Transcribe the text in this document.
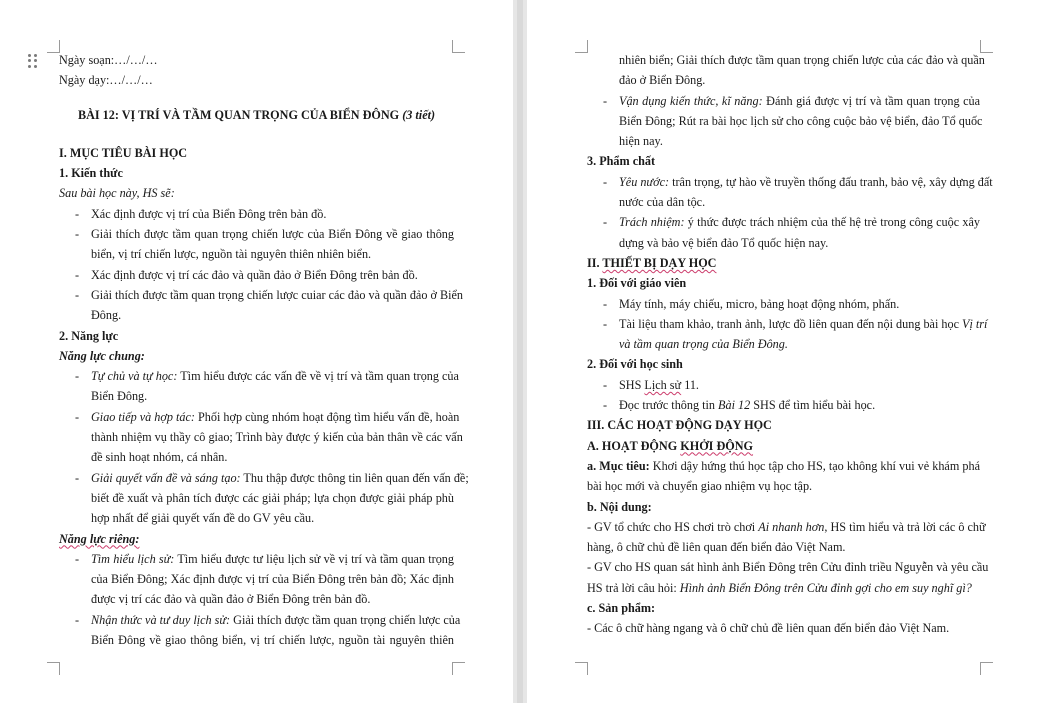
Ngày soạn:…/…/…
Ngày dạy:…/…/…
BÀI 12: VỊ TRÍ VÀ TẦM QUAN TRỌNG CỦA BIỂN ĐÔNG (3 tiết)
I. MỤC TIÊU BÀI HỌC
1. Kiến thức
Sau bài học này, HS sẽ:
- Xác định được vị trí của Biển Đông trên bản đồ.
- Giải thích được tầm quan trọng chiến lược của Biển Đông về giao thông
biển, vị trí chiến lược, nguồn tài nguyên thiên nhiên biển.
- Xác định được vị trí các đảo và quần đảo ở Biển Đông trên bản đồ.
- Giải thích được tầm quan trọng chiến lược cuiar các đảo và quần đảo ở Biển
Đông.
2. Năng lực
Năng lực chung:
- Tự chủ và tự học: Tìm hiểu được các vấn đề về vị trí và tầm quan trọng của
Biển Đông.
- Giao tiếp và hợp tác: Phối hợp cùng nhóm hoạt động tìm hiểu vấn đề, hoàn
thành nhiệm vụ thầy cô giao; Trình bày được ý kiến của bản thân về các vấn
đề sinh hoạt nhóm, cá nhân.
- Giải quyết vấn đề và sáng tạo: Thu thập được thông tin liên quan đến vấn đề;
biết đề xuất và phân tích được các giải pháp; lựa chọn được giải pháp phù
hợp nhất để giải quyết vấn đề do GV yêu cầu.
Năng lực riêng:
- Tìm hiểu lịch sử: Tìm hiểu được tư liệu lịch sử về vị trí và tầm quan trọng
của Biển Đông; Xác định được vị trí của Biển Đông trên bản đồ; Xác định
được vị trí các đảo và quần đảo ở Biển Đông trên bản đồ.
- Nhận thức và tư duy lịch sử: Giải thích được tầm quan trọng chiến lược của
Biển Đông về giao thông biển, vị trí chiến lược, nguồn tài nguyên thiên
nhiên biển; Giải thích được tầm quan trọng chiến lược của các đảo và quần
đảo ở Biển Đông.
- Vận dụng kiến thức, kĩ năng: Đánh giá được vị trí và tầm quan trọng của
Biển Đông; Rút ra bài học lịch sử cho công cuộc bảo vệ biển, đảo Tổ quốc
hiện nay.
3. Phẩm chất
- Yêu nước: trân trọng, tự hào về truyền thống đấu tranh, bảo vệ, xây dựng đất
nước của dân tộc.
- Trách nhiệm: ý thức được trách nhiệm của thế hệ trẻ trong công cuộc xây
dựng và bảo vệ biển đảo Tổ quốc hiện nay.
II. THIẾT BỊ DẠY HỌC
1. Đối với giáo viên
- Máy tính, máy chiếu, micro, bảng hoạt động nhóm, phấn.
- Tài liệu tham khảo, tranh ảnh, lược đồ liên quan đến nội dung bài học Vị trí
và tầm quan trọng của Biển Đông.
2. Đối với học sinh
- SHS Lịch sử 11.
- Đọc trước thông tin Bài 12 SHS để tìm hiểu bài học.
III. CÁC HOẠT ĐỘNG DẠY HỌC
A. HOẠT ĐỘNG KHỞI ĐỘNG
a. Mục tiêu: Khơi dậy hứng thú học tập cho HS, tạo không khí vui vẻ khám phá
bài học mới và chuyển giao nhiệm vụ học tập.
b. Nội dung:
- GV tổ chức cho HS chơi trò chơi Ai nhanh hơn, HS tìm hiểu và trả lời các ô chữ
hàng, ô chữ chủ đề liên quan đến biển đảo Việt Nam.
- GV cho HS quan sát hình ảnh Biển Đông trên Cửu đỉnh triều Nguyễn và yêu cầu
HS trả lời câu hỏi: Hình ảnh Biển Đông trên Cửu đỉnh gợi cho em suy nghĩ gì?
c. Sản phẩm:
- Các ô chữ hàng ngang và ô chữ chủ đề liên quan đến biển đảo Việt Nam.
